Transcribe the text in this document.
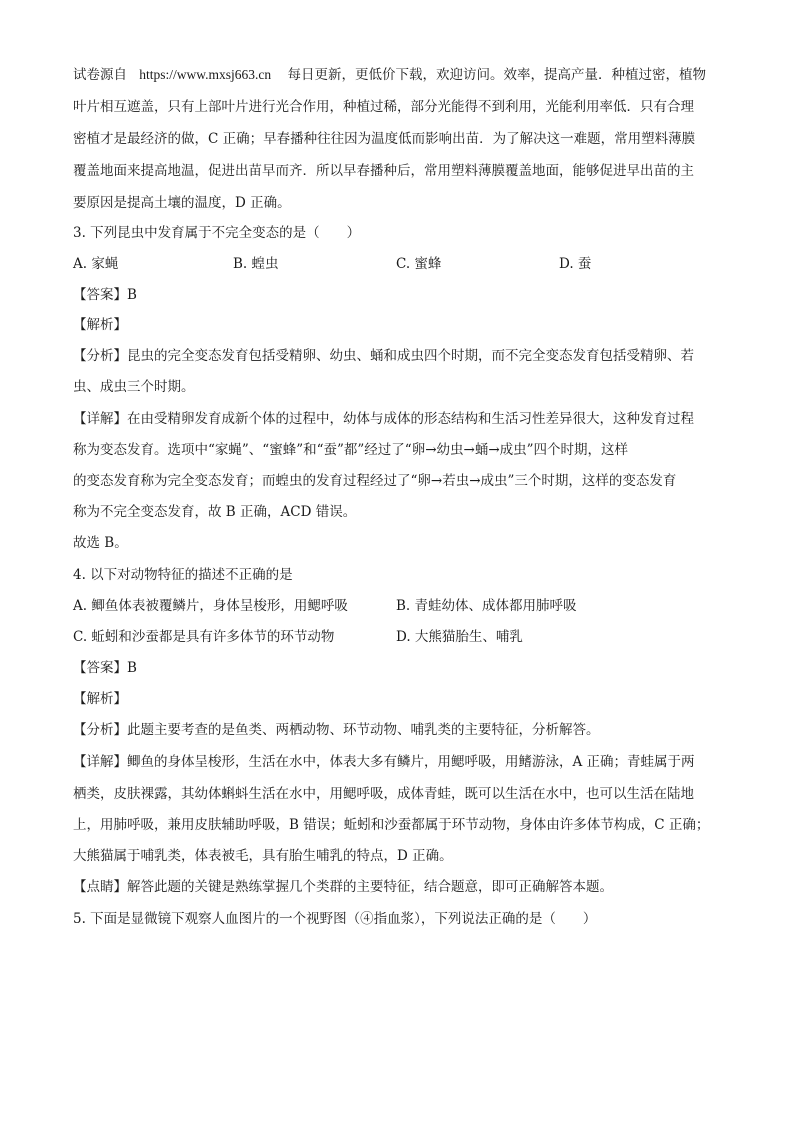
试卷源自 https://www.mxsj663.cn 每日更新，更低价下载，欢迎访问。效率，提高产量．种植过密，植物
叶片相互遮盖，只有上部叶片进行光合作用，种植过稀，部分光能得不到利用，光能利用率低．只有合理
密植才是最经济的做，C 正确；早春播种往往因为温度低而影响出苗．为了解决这一难题，常用塑料薄膜
覆盖地面来提高地温，促进出苗早而齐．所以早春播种后，常用塑料薄膜覆盖地面，能够促进早出苗的主
要原因是提高土壤的温度，D 正确。
3. 下列昆虫中发育属于不完全变态的是（　　）
A. 家蝇	B. 蝗虫	C. 蜜蜂	D. 蚕
【答案】B
【解析】
【分析】昆虫的完全变态发育包括受精卵、幼虫、蛹和成虫四个时期，而不完全变态发育包括受精卵、若
虫、成虫三个时期。
【详解】在由受精卵发育成新个体的过程中，幼体与成体的形态结构和生活习性差异很大，这种发育过程
称为变态发育。选项中“家蝇”、“蜜蜂”和“蚕”都”经过了“卵→幼虫→蛹→成虫”四个时期，这样
的变态发育称为完全变态发育；而蝗虫的发育过程经过了“卵→若虫→成虫”三个时期，这样的变态发育
称为不完全变态发育，故 B 正确，ACD 错误。
故选 B。
4. 以下对动物特征的描述不正确的是
A. 鲫鱼体表被覆鳞片，身体呈梭形，用鳃呼吸	B. 青蛙幼体、成体都用肺呼吸
C. 蚯蚓和沙蚕都是具有许多体节的环节动物	D. 大熊猫胎生、哺乳
【答案】B
【解析】
【分析】此题主要考查的是鱼类、两栖动物、环节动物、哺乳类的主要特征，分析解答。
【详解】鲫鱼的身体呈梭形，生活在水中，体表大多有鳞片，用鳃呼吸，用鳍游泳，A 正确；青蛙属于两
栖类，皮肤裸露，其幼体蝌蚪生活在水中，用鳃呼吸，成体青蛙，既可以生活在水中，也可以生活在陆地
上，用肺呼吸，兼用皮肤辅助呼吸，B 错误；蚯蚓和沙蚕都属于环节动物，身体由许多体节构成，C 正确；
大熊猫属于哺乳类，体表被毛，具有胎生哺乳的特点，D 正确。
【点睛】解答此题的关键是熟练掌握几个类群的主要特征，结合题意，即可正确解答本题。
5. 下面是显微镜下观察人血图片的一个视野图（④指血浆），下列说法正确的是（　　）
